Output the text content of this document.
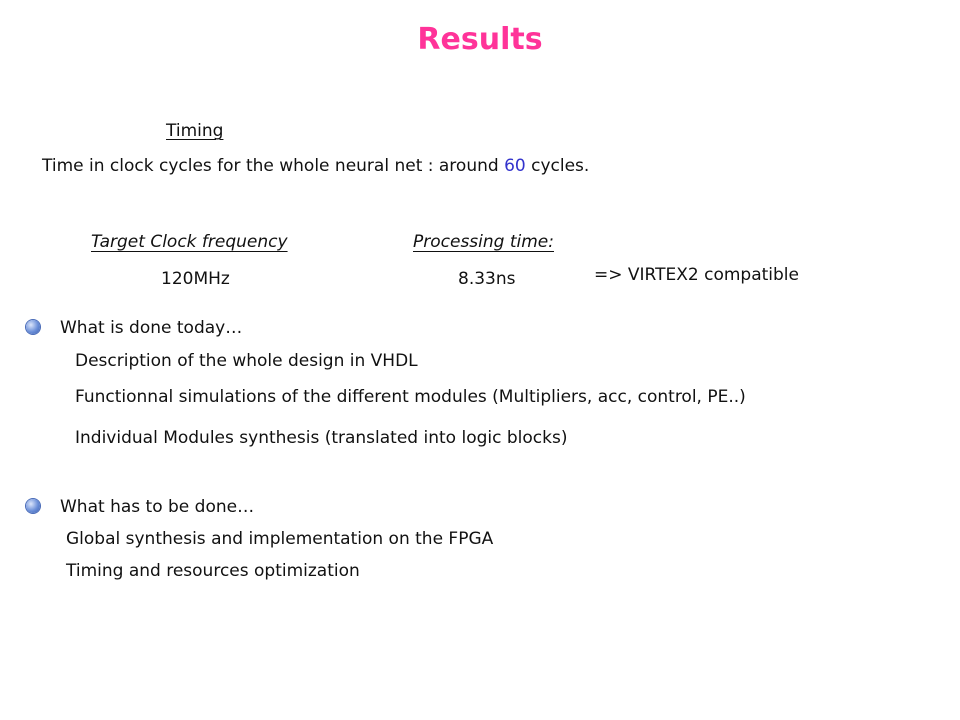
Results
Timing
Time in clock cycles for the whole neural net : around 60 cycles.
Target Clock frequency
120MHz
Processing time:
8.33ns	=> VIRTEX2 compatible
What is done today…
Description of the whole design in VHDL
Functionnal simulations of the different modules (Multipliers, acc, control, PE..)
Individual Modules synthesis (translated into logic blocks)
What has to be done…
Global synthesis and implementation on the FPGA
Timing and resources optimization
